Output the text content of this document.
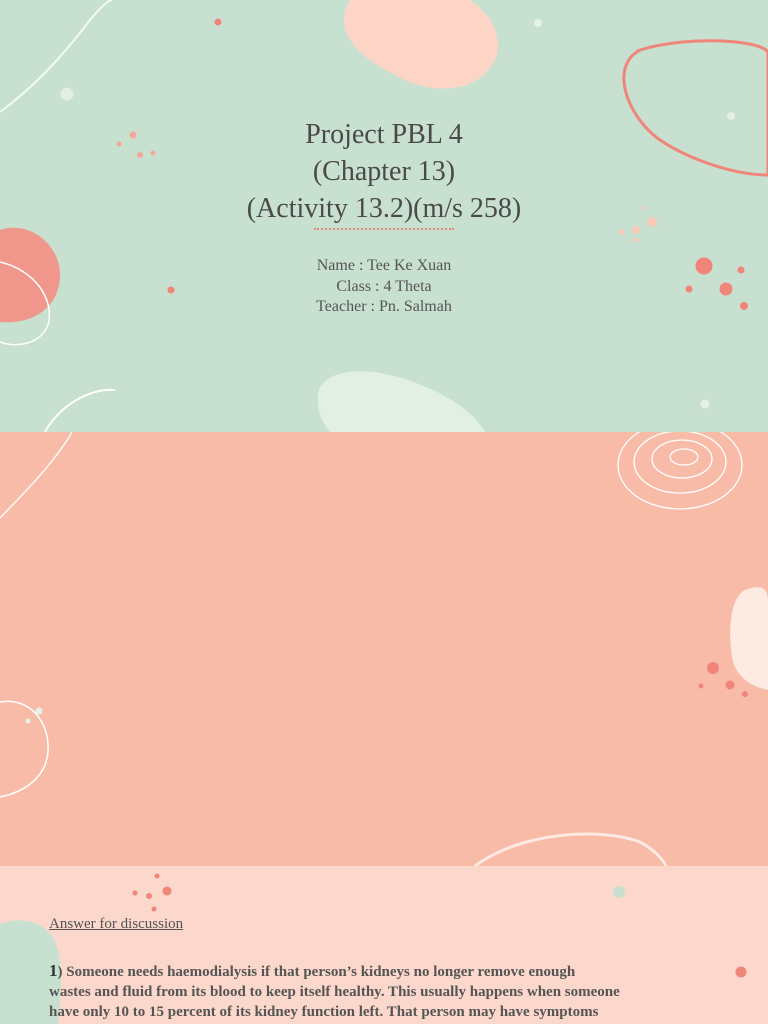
Project PBL 4
(Chapter 13)
(Activity 13.2)(m/s 258)
Name : Tee Ke Xuan
Class : 4 Theta
Teacher : Pn. Salmah
Answer for discussion
1) Someone needs haemodialysis if that person’s kidneys no longer remove enough
wastes and fluid from its blood to keep itself healthy. This usually happens when someone
have only 10 to 15 percent of its kidney function left. That person may have symptoms
